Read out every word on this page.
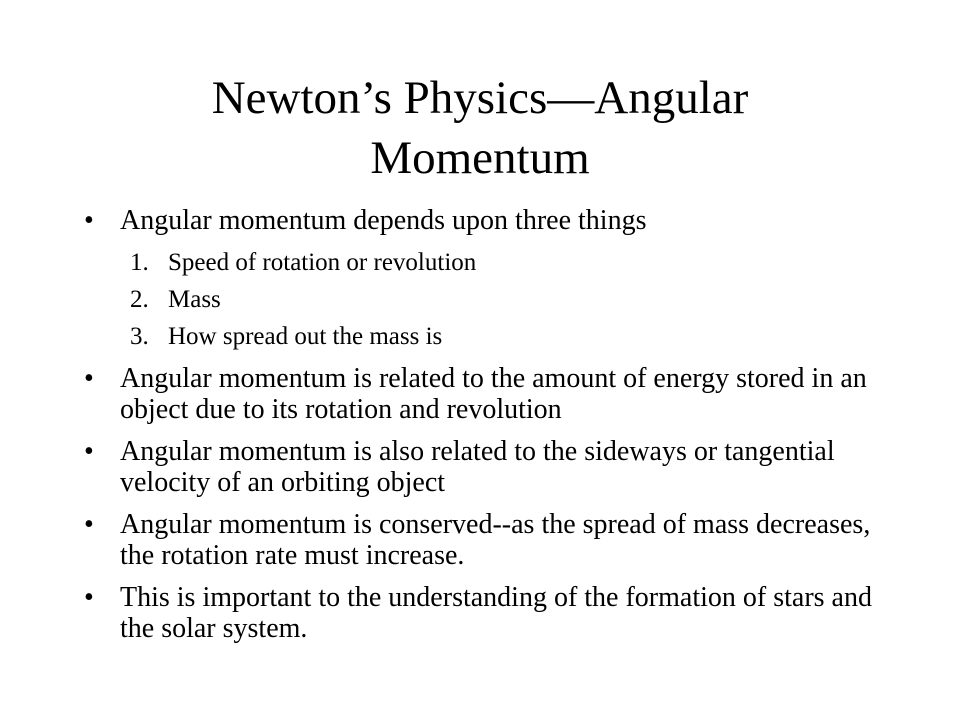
Newton’s Physics—Angular
Momentum
• Angular momentum depends upon three things
1. Speed of rotation or revolution
2. Mass
3. How spread out the mass is
• Angular momentum is related to the amount of energy stored in an object due to its rotation and revolution
• Angular momentum is also related to the sideways or tangential velocity of an orbiting object
• Angular momentum is conserved--as the spread of mass decreases, the rotation rate must increase.
• This is important to the understanding of the formation of stars and the solar system.
